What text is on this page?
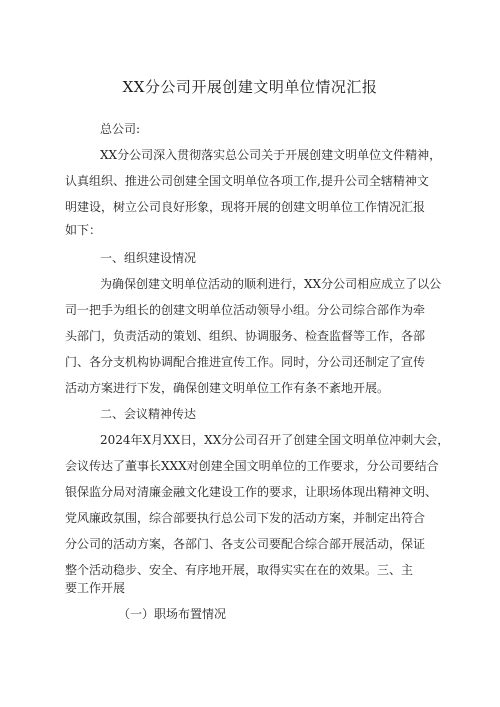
XX分公司开展创建文明单位情况汇报
总公司:
XX分公司深入贯彻落实总公司关于开展创建文明单位文件精神，
认真组织、推进公司创建全国文明单位各项工作,提升公司全辖精神文
明建设，树立公司良好形象，现将开展的创建文明单位工作情况汇报
如下：
一、组织建设情况
为确保创建文明单位活动的顺利进行，XX分公司相应成立了以公
司一把手为组长的创建文明单位活动领导小组。分公司综合部作为牵
头部门，负责活动的策划、组织、协调服务、检查监督等工作，各部
门、各分支机构协调配合推进宣传工作。同时，分公司还制定了宣传
活动方案进行下发，确保创建文明单位工作有条不紊地开展。
二、会议精神传达
2024年X月XX日，XX分公司召开了创建全国文明单位冲刺大会，
会议传达了董事长XXX对创建全国文明单位的工作要求，分公司要结合
银保监分局对清廉金融文化建设工作的要求，让职场体现出精神文明、
党风廉政氛围，综合部要执行总公司下发的活动方案，并制定出符合
分公司的活动方案，各部门、各支公司要配合综合部开展活动，保证
整个活动稳步、安全、有序地开展，取得实实在在的效果。三、主
要工作开展
（一）职场布置情况
